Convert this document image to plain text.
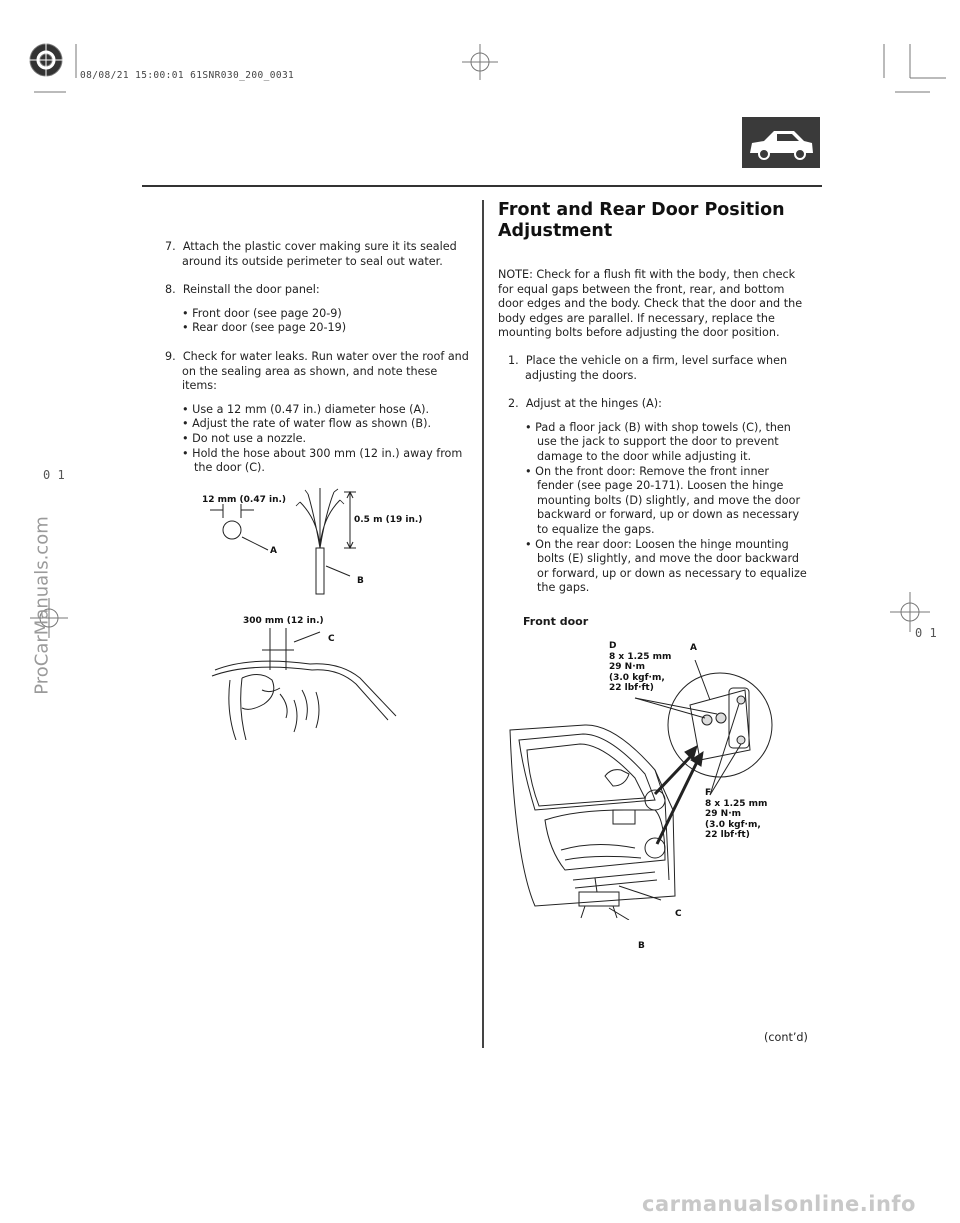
08/08/21 15:00:01 61SNR030_200_0031
7. Attach the plastic cover making sure it its sealed around its outside perimeter to seal out water.
8. Reinstall the door panel:
• Front door (see page 20-9)
• Rear door (see page 20-19)
9. Check for water leaks. Run water over the roof and on the sealing area as shown, and note these items:
• Use a 12 mm (0.47 in.) diameter hose (A).
• Adjust the rate of water flow as shown (B).
• Do not use a nozzle.
• Hold the hose about 300 mm (12 in.) away from the door (C).
12 mm (0.47 in.)
A
0.5 m (19 in.)
B
300 mm (12 in.)
C
Front and Rear Door Position
Adjustment
NOTE: Check for a flush fit with the body, then check for equal gaps between the front, rear, and bottom door edges and the body. Check that the door and the body edges are parallel. If necessary, replace the mounting bolts before adjusting the door position.
1. Place the vehicle on a firm, level surface when adjusting the doors.
2. Adjust at the hinges (A):
• Pad a floor jack (B) with shop towels (C), then use the jack to support the door to prevent damage to the door while adjusting it.
• On the front door: Remove the front inner fender (see page 20-171). Loosen the hinge mounting bolts (D) slightly, and move the door backward or forward, up or down as necessary to equalize the gaps.
• On the rear door: Loosen the hinge mounting bolts (E) slightly, and move the door backward or forward, up or down as necessary to equalize the gaps.
Front door
D
8 x 1.25 mm
29 N·m
(3.0 kgf·m,
22 lbf·ft)
A
F
8 x 1.25 mm
29 N·m
(3.0 kgf·m,
22 lbf·ft)
C
B
(cont’d)
ProCarManuals.com
0 1
0 1
carmanualsonline.info
